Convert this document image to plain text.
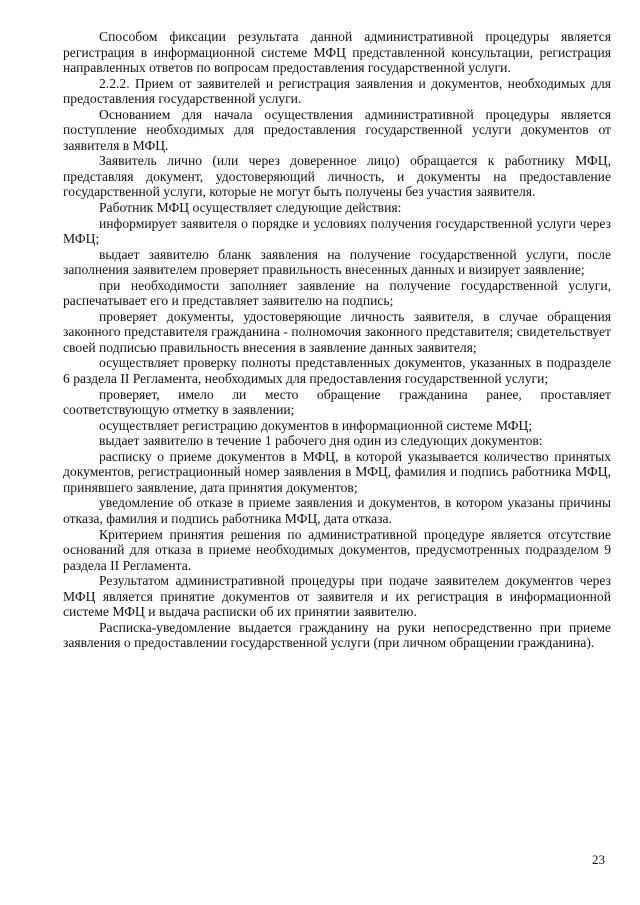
Способом фиксации результата данной административной процедуры является регистрация в информационной системе МФЦ представленной консультации, регистрация направленных ответов по вопросам предоставления государственной услуги.

2.2.2. Прием от заявителей и регистрация заявления и документов, необходимых для предоставления государственной услуги.

Основанием для начала осуществления административной процедуры является поступление необходимых для предоставления государственной услуги документов от заявителя в МФЦ.

Заявитель лично (или через доверенное лицо) обращается к работнику МФЦ, представляя документ, удостоверяющий личность, и документы на предоставление государственной услуги, которые не могут быть получены без участия заявителя.

Работник МФЦ осуществляет следующие действия:

информирует заявителя о порядке и условиях получения государственной услуги через МФЦ;

выдает заявителю бланк заявления на получение государственной услуги, после заполнения заявителем проверяет правильность внесенных данных и визирует заявление;

при необходимости заполняет заявление на получение государственной услуги, распечатывает его и представляет заявителю на подпись;

проверяет документы, удостоверяющие личность заявителя, в случае обращения законного представителя гражданина - полномочия законного представителя; свидетельствует своей подписью правильность внесения в заявление данных заявителя;

осуществляет проверку полноты представленных документов, указанных в подразделе 6 раздела II Регламента, необходимых для предоставления государственной услуги;

проверяет, имело ли место обращение гражданина ранее, проставляет соответствующую отметку в заявлении;

осуществляет регистрацию документов в информационной системе МФЦ;

выдает заявителю в течение 1 рабочего дня один из следующих документов:

расписку о приеме документов в МФЦ, в которой указывается количество принятых документов, регистрационный номер заявления в МФЦ, фамилия и подпись работника МФЦ, принявшего заявление, дата принятия документов;

уведомление об отказе в приеме заявления и документов, в котором указаны причины отказа, фамилия и подпись работника МФЦ, дата отказа.

Критерием принятия решения по административной процедуре является отсутствие оснований для отказа в приеме необходимых документов, предусмотренных подразделом 9 раздела II Регламента.

Результатом административной процедуры при подаче заявителем документов через МФЦ является принятие документов от заявителя и их регистрация в информационной системе МФЦ и выдача расписки об их принятии заявителю.

Расписка-уведомление выдается гражданину на руки непосредственно при приеме заявления о предоставлении государственной услуги (при личном обращении гражданина).

23
